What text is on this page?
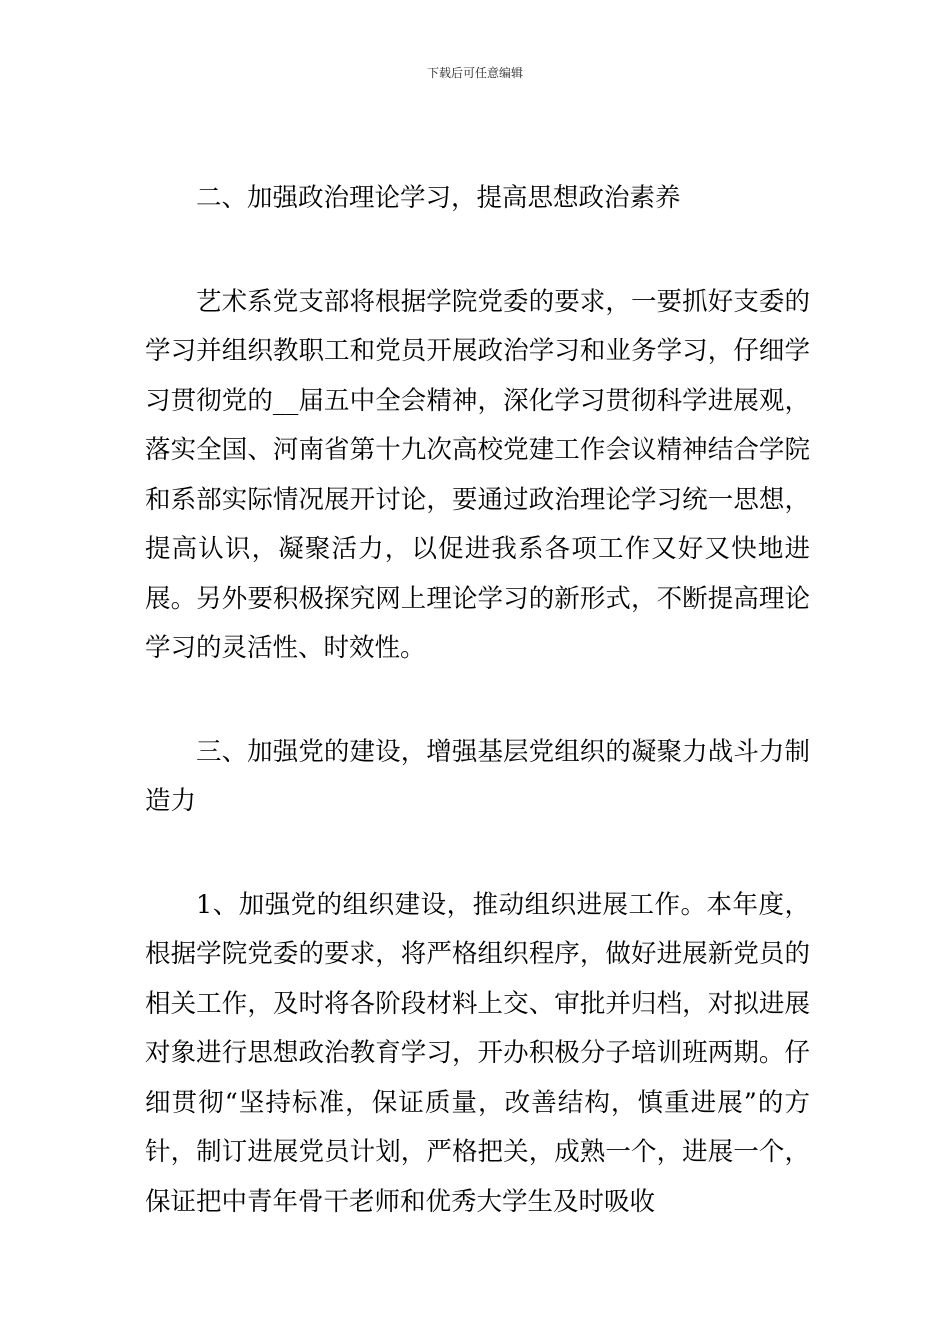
下载后可任意编辑

二、加强政治理论学习，提高思想政治素养

艺术系党支部将根据学院党委的要求，一要抓好支委的学习并组织教职工和党员开展政治学习和业务学习，仔细学习贯彻党的__届五中全会精神，深化学习贯彻科学进展观，落实全国、河南省第十九次高校党建工作会议精神结合学院和系部实际情况展开讨论，要通过政治理论学习统一思想，提高认识，凝聚活力，以促进我系各项工作又好又快地进展。另外要积极探究网上理论学习的新形式，不断提高理论学习的灵活性、时效性。

三、加强党的建设，增强基层党组织的凝聚力战斗力制造力

1、加强党的组织建设，推动组织进展工作。本年度，根据学院党委的要求，将严格组织程序，做好进展新党员的相关工作，及时将各阶段材料上交、审批并归档，对拟进展对象进行思想政治教育学习，开办积极分子培训班两期。仔细贯彻“坚持标准，保证质量，改善结构，慎重进展”的方针，制订进展党员计划，严格把关，成熟一个，进展一个，保证把中青年骨干老师和优秀大学生及时吸收
